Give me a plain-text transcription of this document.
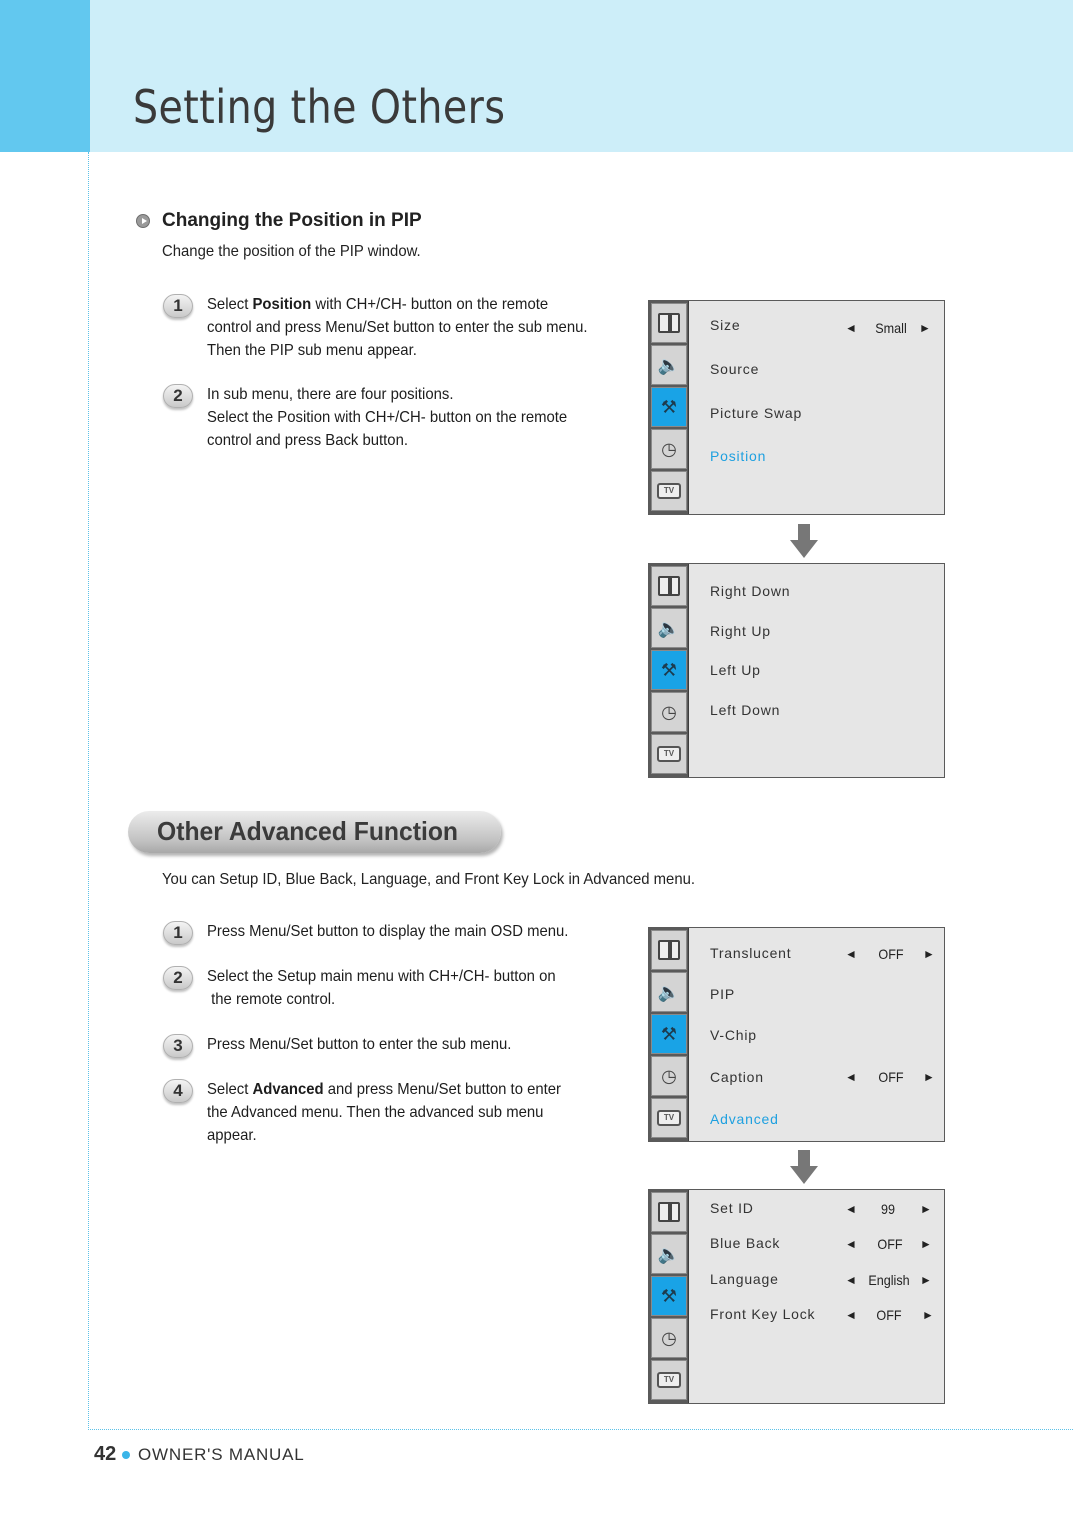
Setting the Others
Changing the Position in PIP
Change the position of the PIP window.
1	Select Position with CH+/CH- button on the remote
control and press Menu/Set button to enter the sub menu.
Then the PIP sub menu appear.
2	In sub menu, there are four positions.
Select the Position with CH+/CH- button on the remote
control and press Back button.
🔈
⚒
◷
TV
Size	◄	Small	►
Source
Picture Swap
Position
🔈
⚒
◷
TV
Right Down
Right Up
Left Up
Left Down
Other Advanced Function
You can Setup ID, Blue Back, Language, and Front Key Lock in Advanced menu.
1	Press Menu/Set button to display the main OSD menu.
2	Select the Setup main menu with CH+/CH- button on
the remote control.
3	Press Menu/Set button to enter the sub menu.
4	Select Advanced and press Menu/Set button to enter
the Advanced menu. Then the advanced sub menu
appear.
🔈
⚒
◷
TV
Translucent	◄	OFF	►
PIP
V-Chip
Caption	◄	OFF	►
Advanced
🔈
⚒
◷
TV
Set ID	◄	99	►
Blue Back	◄	OFF	►
Language	◄ English ►
Front Key Lock ◄	OFF	►
42 OWNER'S MANUAL
